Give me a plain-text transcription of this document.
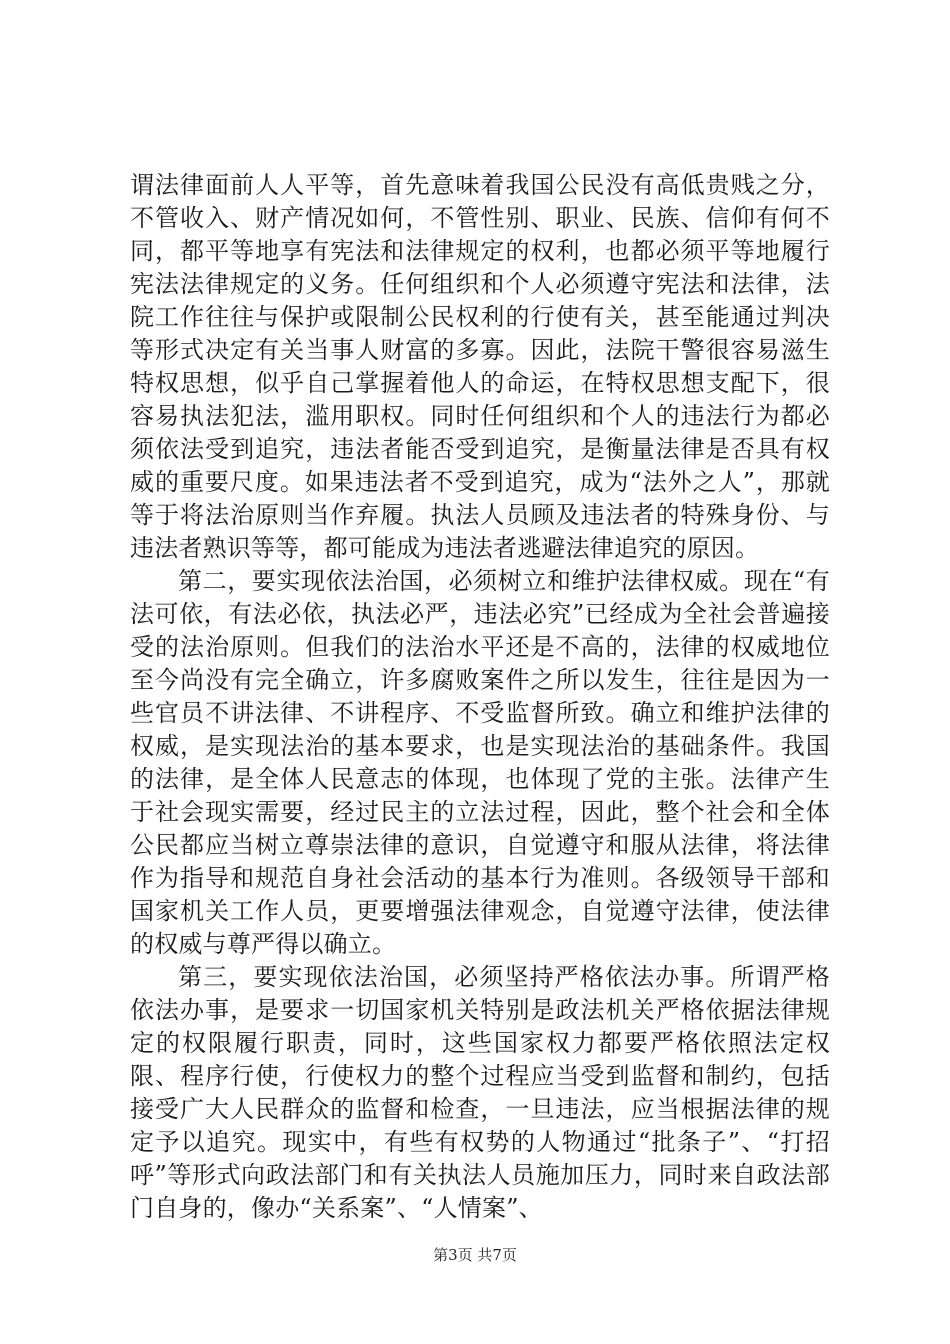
谓法律面前人人平等，首先意味着我国公民没有高低贵贱之分，不管收入、财产情况如何，不管性别、职业、民族、信仰有何不同，都平等地享有宪法和法律规定的权利，也都必须平等地履行宪法法律规定的义务。任何组织和个人必须遵守宪法和法律，法院工作往往与保护或限制公民权利的行使有关，甚至能通过判决等形式决定有关当事人财富的多寡。因此，法院干警很容易滋生特权思想，似乎自己掌握着他人的命运，在特权思想支配下，很容易执法犯法，滥用职权。同时任何组织和个人的违法行为都必须依法受到追究，违法者能否受到追究，是衡量法律是否具有权威的重要尺度。如果违法者不受到追究，成为“法外之人”，那就等于将法治原则当作弃履。执法人员顾及违法者的特殊身份、与违法者熟识等等，都可能成为违法者逃避法律追究的原因。

第二，要实现依法治国，必须树立和维护法律权威。现在“有法可依，有法必依，执法必严，违法必究”已经成为全社会普遍接受的法治原则。但我们的法治水平还是不高的，法律的权威地位至今尚没有完全确立，许多腐败案件之所以发生，往往是因为一些官员不讲法律、不讲程序、不受监督所致。确立和维护法律的权威，是实现法治的基本要求，也是实现法治的基础条件。我国的法律，是全体人民意志的体现，也体现了党的主张。法律产生于社会现实需要，经过民主的立法过程，因此，整个社会和全体公民都应当树立尊崇法律的意识，自觉遵守和服从法律，将法律作为指导和规范自身社会活动的基本行为准则。各级领导干部和国家机关工作人员，更要增强法律观念，自觉遵守法律，使法律的权威与尊严得以确立。

第三，要实现依法治国，必须坚持严格依法办事。所谓严格依法办事，是要求一切国家机关特别是政法机关严格依据法律规定的权限履行职责，同时，这些国家权力都要严格依照法定权限、程序行使，行使权力的整个过程应当受到监督和制约，包括接受广大人民群众的监督和检查，一旦违法，应当根据法律的规定予以追究。现实中，有些有权势的人物通过“批条子”、“打招呼”等形式向政法部门和有关执法人员施加压力，同时来自政法部门自身的，像办“关系案”、“人情案”、

第3页 共7页
